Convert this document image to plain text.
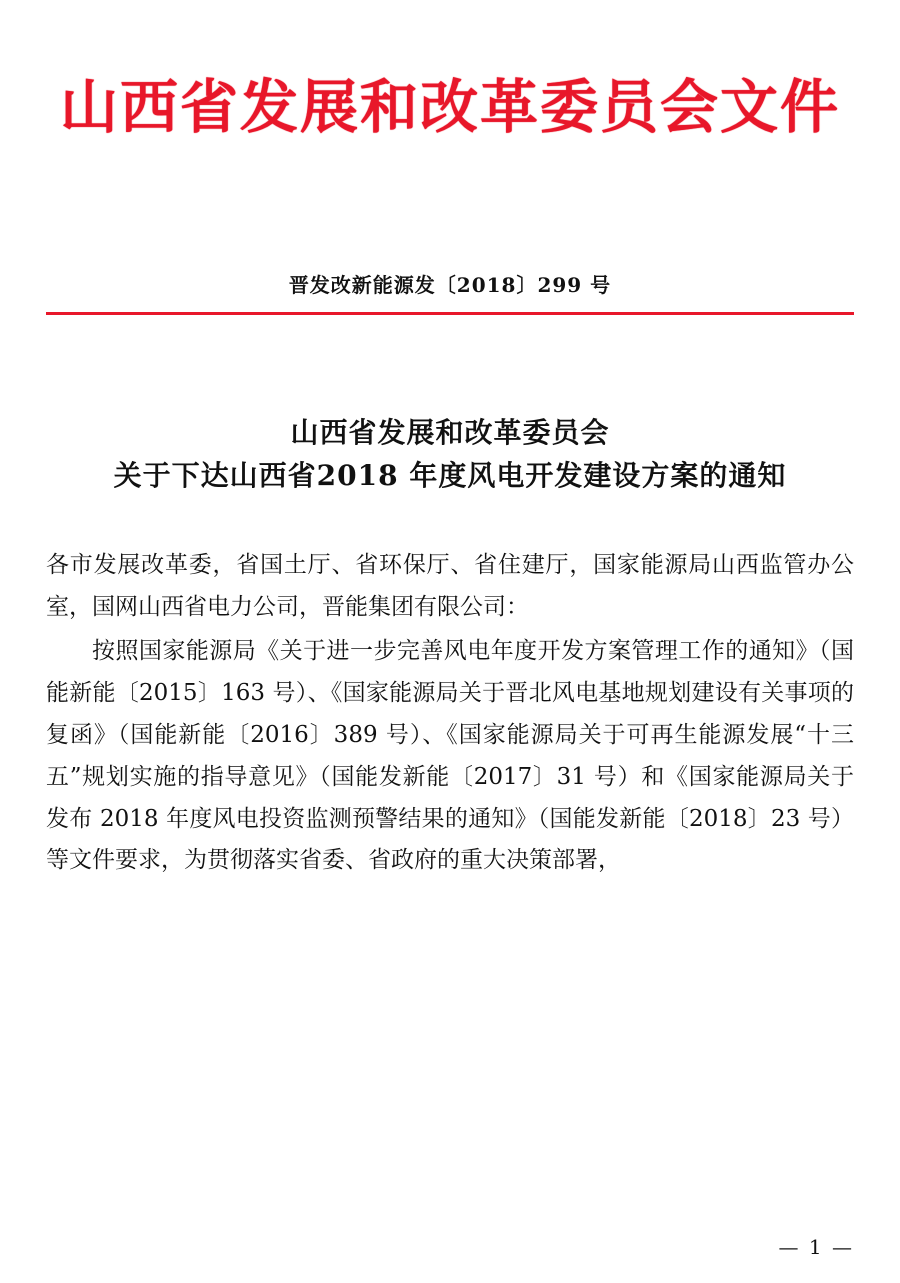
山西省发展和改革委员会文件
晋发改新能源发〔2018〕299 号
山西省发展和改革委员会
关于下达山西省2018 年度风电开发建设方案的通知

各市发展改革委，省国土厅、省环保厅、省住建厅，国家能源局山西监管办公室，国网山西省电力公司，晋能集团有限公司：

按照国家能源局《关于进一步完善风电年度开发方案管理工作的通知》（国能新能〔2015〕163 号）、《国家能源局关于晋北风电基地规划建设有关事项的复函》（国能新能〔2016〕389 号）、《国家能源局关于可再生能源发展“十三五”规划实施的指导意见》（国能发新能〔2017〕31 号）和《国家能源局关于发布 2018 年度风电投资监测预警结果的通知》（国能发新能〔2018〕23 号）等文件要求，为贯彻落实省委、省政府的重大决策部署，

— 1 —
